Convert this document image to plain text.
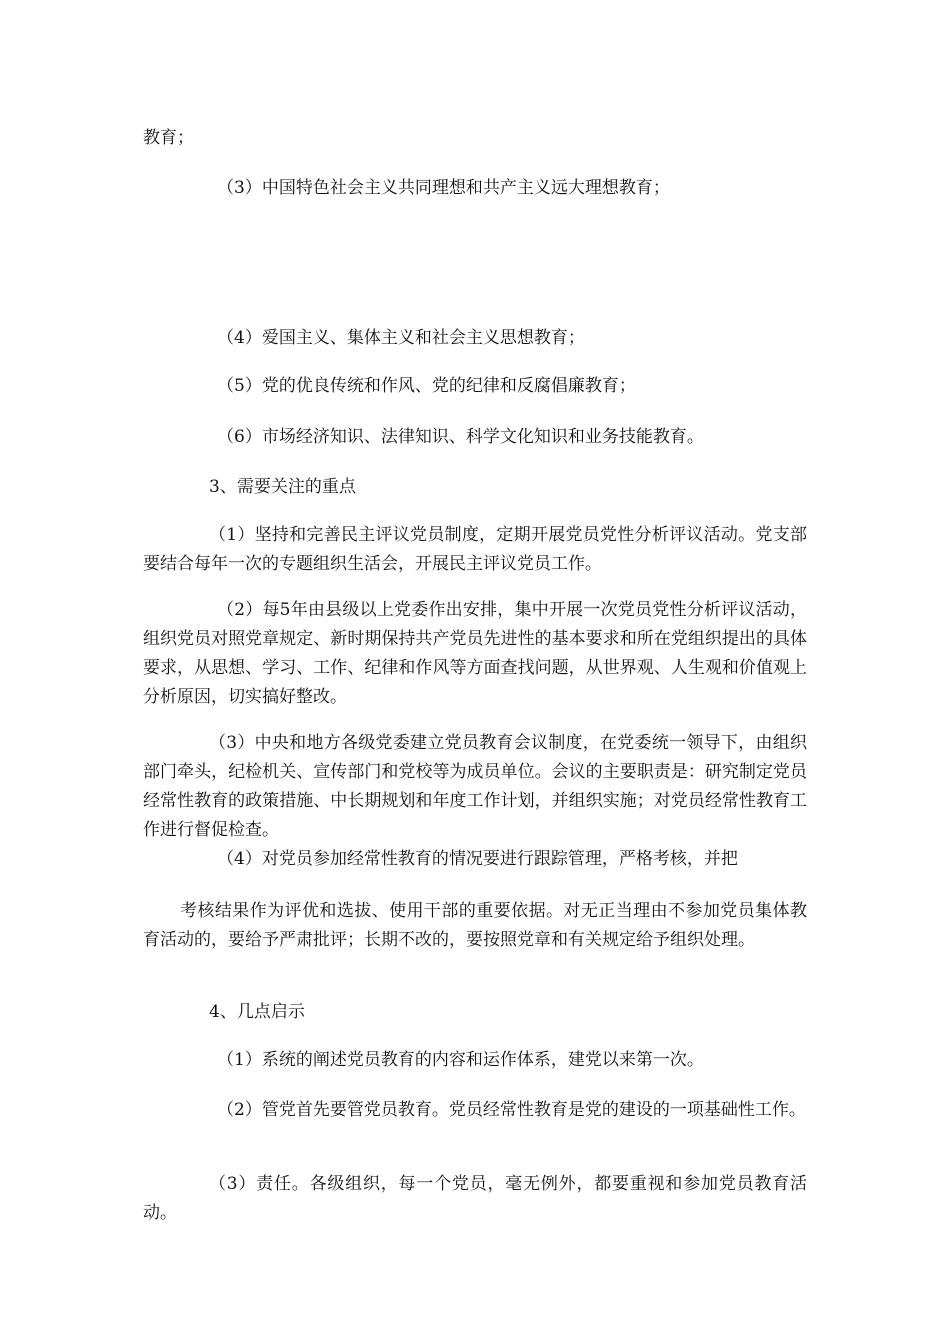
教育；

（3）中国特色社会主义共同理想和共产主义远大理想教育；

（4）爱国主义、集体主义和社会主义思想教育；

（5）党的优良传统和作风、党的纪律和反腐倡廉教育；

（6）市场经济知识、法律知识、科学文化知识和业务技能教育。

3、需要关注的重点

（1）坚持和完善民主评议党员制度，定期开展党员党性分析评议活动。党支部要结合每年一次的专题组织生活会，开展民主评议党员工作。

（2）每5年由县级以上党委作出安排，集中开展一次党员党性分析评议活动，组织党员对照党章规定、新时期保持共产党员先进性的基本要求和所在党组织提出的具体要求，从思想、学习、工作、纪律和作风等方面查找问题，从世界观、人生观和价值观上分析原因，切实搞好整改。

（3）中央和地方各级党委建立党员教育会议制度，在党委统一领导下，由组织部门牵头，纪检机关、宣传部门和党校等为成员单位。会议的主要职责是：研究制定党员经常性教育的政策措施、中长期规划和年度工作计划，并组织实施；对党员经常性教育工作进行督促检查。

（4）对党员参加经常性教育的情况要进行跟踪管理，严格考核，并把

考核结果作为评优和选拔、使用干部的重要依据。对无正当理由不参加党员集体教育活动的，要给予严肃批评；长期不改的，要按照党章和有关规定给予组织处理。

4、几点启示

（1）系统的阐述党员教育的内容和运作体系，建党以来第一次。

（2）管党首先要管党员教育。党员经常性教育是党的建设的一项基础性工作。

（3）责任。各级组织，每一个党员，毫无例外，都要重视和参加党员教育活动。
